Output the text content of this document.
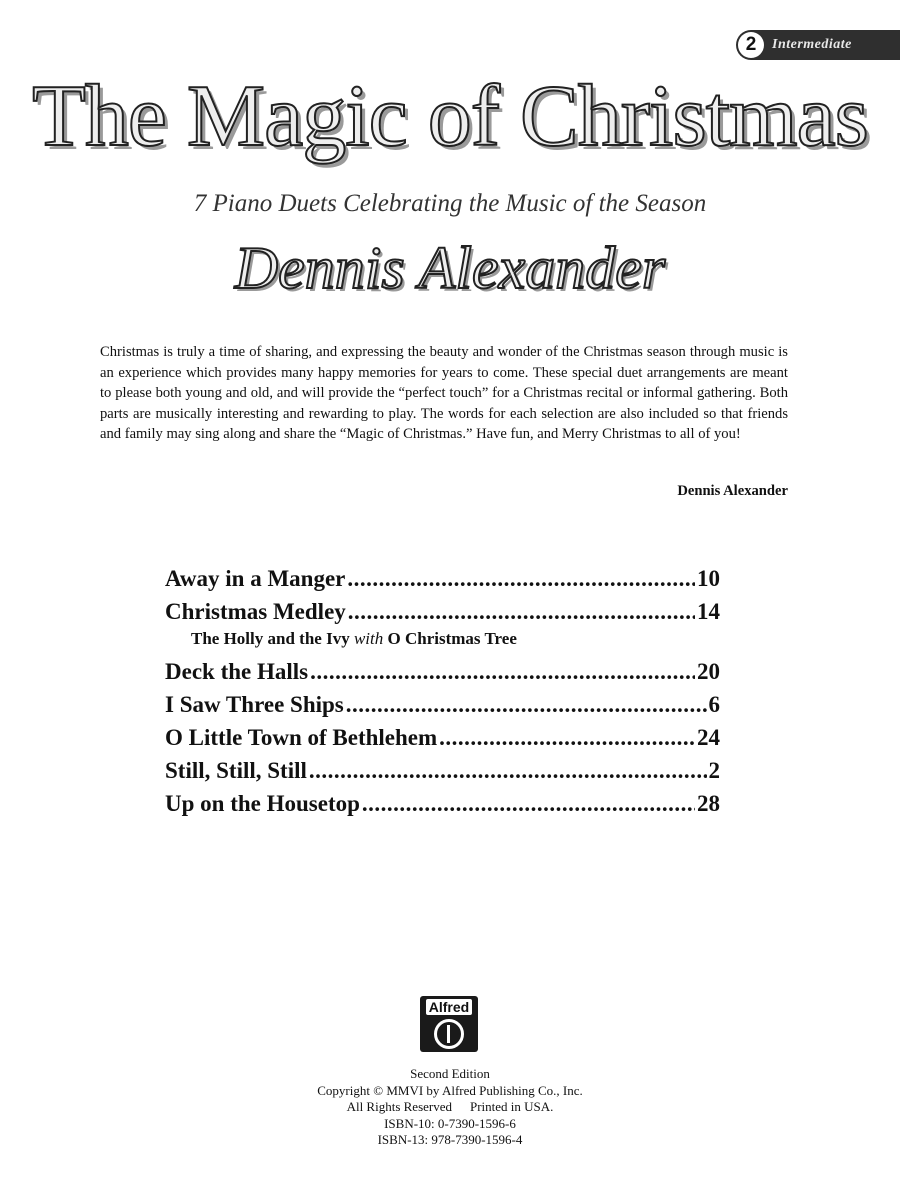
2	Intermediate
The Magic of Christmas
7 Piano Duets Celebrating the Music of the Season
Dennis Alexander

Christmas is truly a time of sharing, and expressing the beauty and wonder of the Christmas season through music is an experience which provides many happy memories for years to come. These special duet arrangements are meant to please both young and old, and will provide the “perfect touch” for a Christmas recital or informal gathering. Both parts are musically interesting and rewarding to play. The words for each selection are also included so that friends and family may sing along and share the “Magic of Christmas.” Have fun, and Merry Christmas to all of you!

Dennis Alexander
Away in a Manger .....	10
Christmas Medley .....	14
The Holly and the Ivy with O Christmas Tree
Deck the Halls .....	20
I Saw Three Ships .....	6
O Little Town of Bethlehem .....	24
Still, Still, Still .....	2
Up on the Housetop .....	28
Alfred
Second Edition
Copyright © MMVI by Alfred Publishing Co., Inc.
All Rights Reserved Printed in USA.
ISBN-10: 0-7390-1596-6
ISBN-13: 978-7390-1596-4
